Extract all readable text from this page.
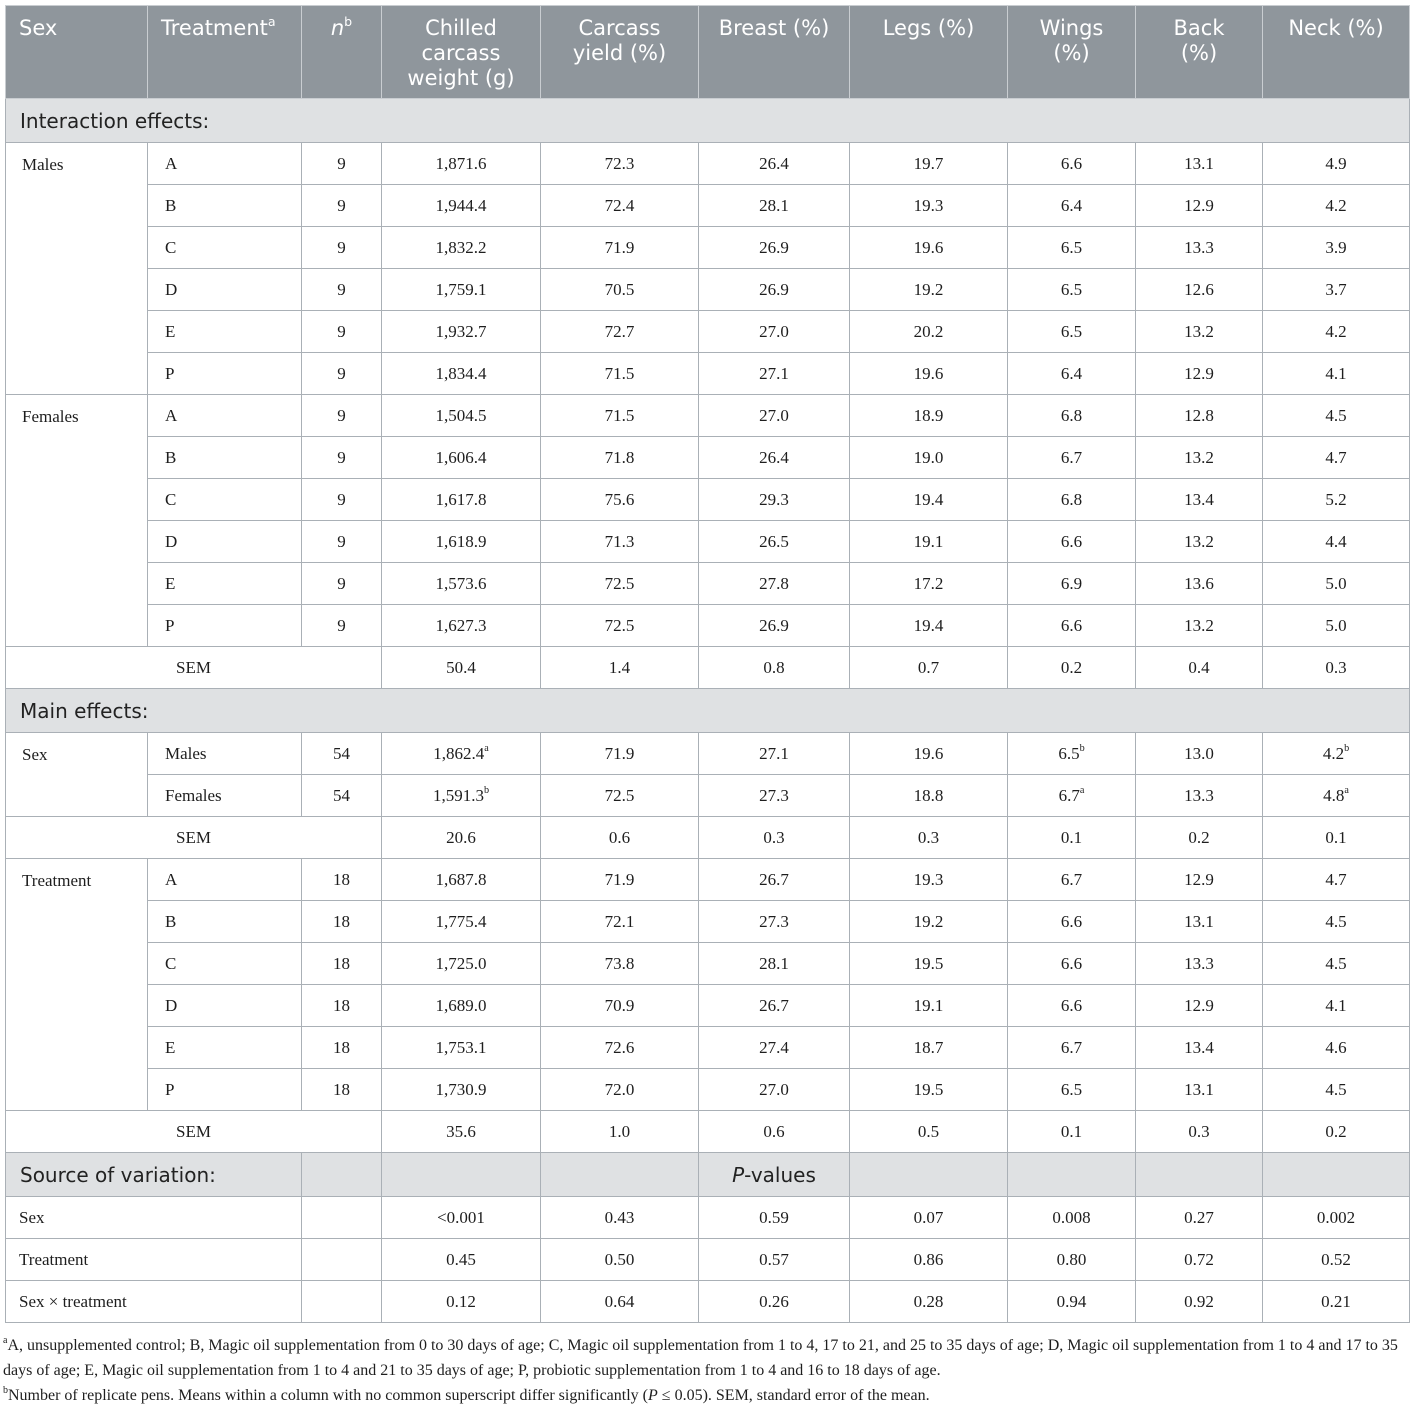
Sex	Treatment$^a$	$n^b$	Chilled
carcass
weight (g)	Carcass
yield (%)	Breast (%)	Legs (%)	Wings
(%)	Back
(%)	Neck (%)
Interaction effects:									
Males	A	9	1,871.6	72.3	26.4	19.7	6.6	13.1	4.9
	B	9	1,944.4	72.4	28.1	19.3	6.4	12.9	4.2
	C	9	1,832.2	71.9	26.9	19.6	6.5	13.3	3.9
	D	9	1,759.1	70.5	26.9	19.2	6.5	12.6	3.7
	E	9	1,932.7	72.7	27.0	20.2	6.5	13.2	4.2
	P	9	1,834.4	71.5	27.1	19.6	6.4	12.9	4.1
Females	A	9	1,504.5	71.5	27.0	18.9	6.8	12.8	4.5
	B	9	1,606.4	71.8	26.4	19.0	6.7	13.2	4.7
	C	9	1,617.8	75.6	29.3	19.4	6.8	13.4	5.2
	D	9	1,618.9	71.3	26.5	19.1	6.6	13.2	4.4
	E	9	1,573.6	72.5	27.8	17.2	6.9	13.6	5.0
	P	9	1,627.3	72.5	26.9	19.4	6.6	13.2	5.0
SEM			50.4	1.4	0.8	0.7	0.2	0.4	0.3
Main effects:									
Sex	Males	54	1,862.4$^a$	71.9	27.1	19.6	6.5$^b$	13.0	4.2$^b$
	Females	54	1,591.3$^b$	72.5	27.3	18.8	6.7$^a$	13.3	4.8$^a$
SEM			20.6	0.6	0.3	0.3	0.1	0.2	0.1
Treatment	A	18	1,687.8	71.9	26.7	19.3	6.7	12.9	4.7
	B	18	1,775.4	72.1	27.3	19.2	6.6	13.1	4.5
	C	18	1,725.0	73.8	28.1	19.5	6.6	13.3	4.5
	D	18	1,689.0	70.9	26.7	19.1	6.6	12.9	4.1
	E	18	1,753.1	72.6	27.4	18.7	6.7	13.4	4.6
	P	18	1,730.9	72.0	27.0	19.5	6.5	13.1	4.5
SEM			35.6	1.0	0.6	0.5	0.1	0.3	0.2
Source of variation:					P-values				
Sex			<0.001	0.43	0.59	0.07	0.008	0.27	0.002
Treatment			0.45	0.50	0.57	0.86	0.80	0.72	0.52
Sex × treatment			0.12	0.64	0.26	0.28	0.94	0.92	0.21

$^a$A, unsupplemented control; B, Magic oil supplementation from 0 to 30 days of age; C, Magic oil supplementation from 1 to 4, 17 to 21, and 25 to 35 days of age; D, Magic oil supplementation from 1 to 4 and 17 to 35 days of age; E, Magic oil supplementation from 1 to 4 and 21 to 35 days of age; P, probiotic supplementation from 1 to 4 and 16 to 18 days of age.

$^b$Number of replicate pens. Means within a column with no common superscript differ significantly (P ≤ 0.05). SEM, standard error of the mean.
